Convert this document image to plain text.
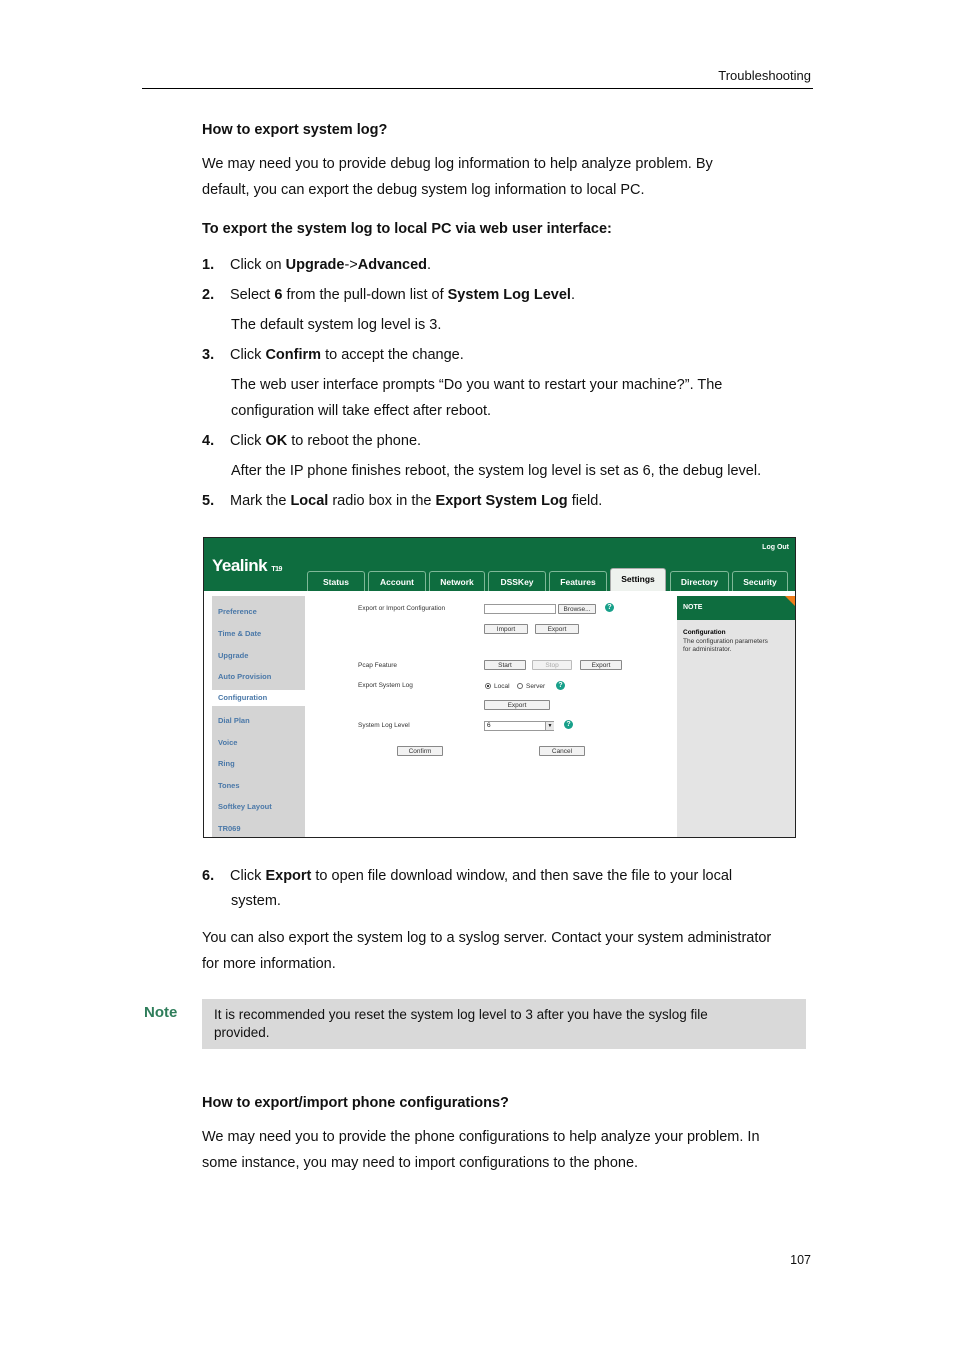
Troubleshooting
How to export system log?
We may need you to provide debug log information to help analyze problem. By
default, you can export the debug system log information to local PC.
To export the system log to local PC via web user interface:
1. Click on Upgrade->Advanced.
2. Select 6 from the pull-down list of System Log Level.
The default system log level is 3.
3. Click Confirm to accept the change.
The web user interface prompts “Do you want to restart your machine?”. The
configuration will take effect after reboot.
4. Click OK to reboot the phone.
After the IP phone finishes reboot, the system log level is set as 6, the debug level.
5. Mark the Local radio box in the Export System Log field.
Yealink T19
Log Out
Status	Account	Network	DSSKey	Features	Settings	Directory	Security
Preference
Time & Date
Upgrade
Auto Provision
Configuration
Dial Plan
Voice
Ring
Tones
Softkey Layout
TR069
Export or Import Configuration	Browse...	?
Import	Export
Pcap Feature	Start	Stop	Export
Export System Log	Local	Server	?
Export
System Log Level	6	▼	?
Confirm	Cancel
NOTE
Configuration
The configuration parameters
for administrator.
6. Click Export to open file download window, and then save the file to your local
system.
You can also export the system log to a syslog server. Contact your system administrator
for more information.
Note	It is recommended you reset the system log level to 3 after you have the syslog file
provided.
How to export/import phone configurations?
We may need you to provide the phone configurations to help analyze your problem. In
some instance, you may need to import configurations to the phone.
107
